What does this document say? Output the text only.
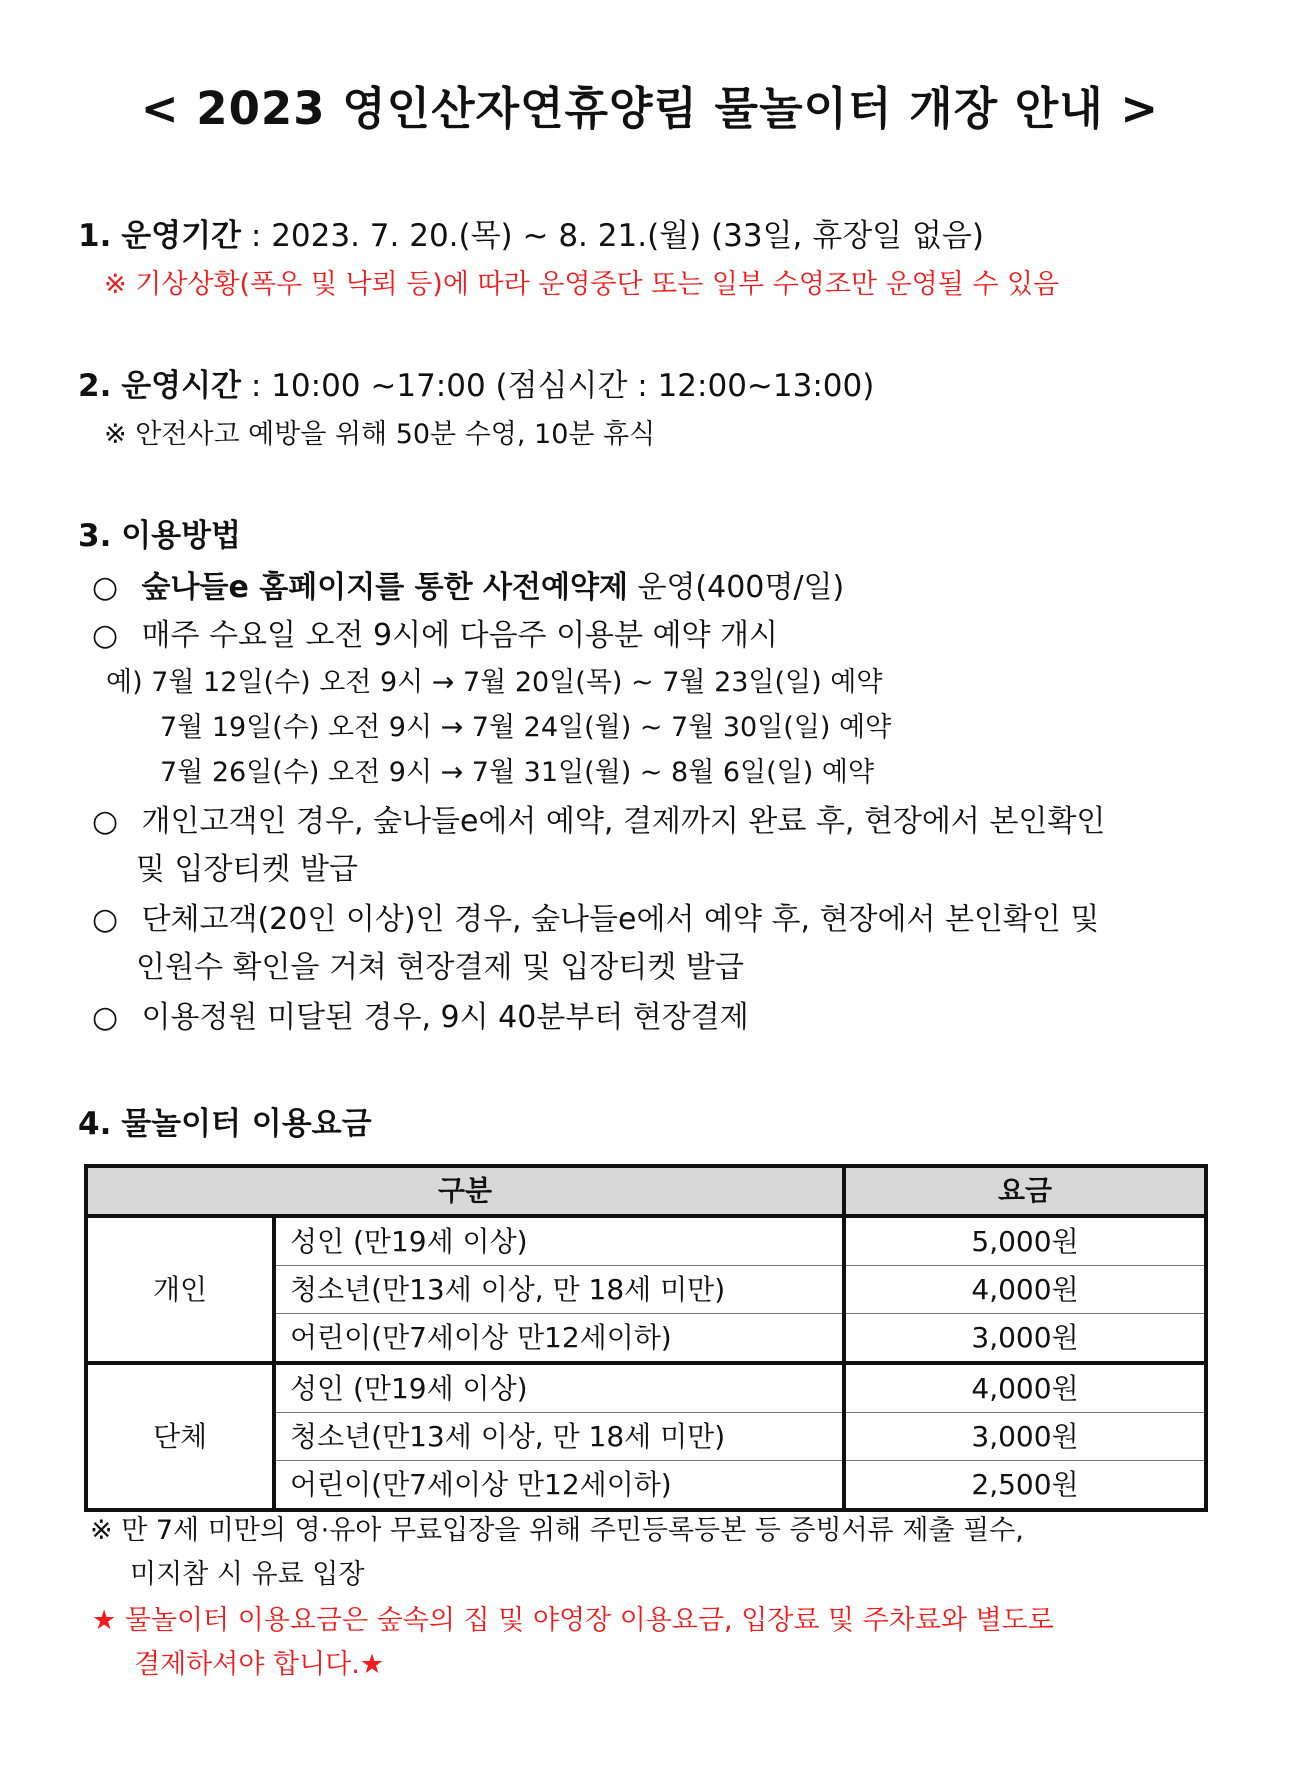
< 2023 영인산자연휴양림 물놀이터 개장 안내 >
1. 운영기간 : 2023. 7. 20.(목) ~ 8. 21.(월) (33일, 휴장일 없음)
※ 기상상황(폭우 및 낙뢰 등)에 따라 운영중단 또는 일부 수영조만 운영될 수 있음
2. 운영시간 : 10:00 ~17:00 (점심시간 : 12:00~13:00)
※ 안전사고 예방을 위해 50분 수영, 10분 휴식
3. 이용방법
○ 숲나들e 홈페이지를 통한 사전예약제 운영(400명/일)
○ 매주 수요일 오전 9시에 다음주 이용분 예약 개시
예) 7월 12일(수) 오전 9시 → 7월 20일(목) ~ 7월 23일(일) 예약
7월 19일(수) 오전 9시 → 7월 24일(월) ~ 7월 30일(일) 예약
7월 26일(수) 오전 9시 → 7월 31일(월) ~ 8월 6일(일) 예약
○ 개인고객인 경우, 숲나들e에서 예약, 결제까지 완료 후, 현장에서 본인확인
및 입장티켓 발급
○ 단체고객(20인 이상)인 경우, 숲나들e에서 예약 후, 현장에서 본인확인 및
인원수 확인을 거쳐 현장결제 및 입장티켓 발급
○ 이용정원 미달된 경우, 9시 40분부터 현장결제
4. 물놀이터 이용요금
구분		요금
개인	성인 (만19세 이상)	5,000원
	청소년(만13세 이상, 만 18세 미만)	4,000원
	어린이(만7세이상 만12세이하)	3,000원
단체	성인 (만19세 이상)	4,000원
	청소년(만13세 이상, 만 18세 미만)	3,000원
	어린이(만7세이상 만12세이하)	2,500원
※ 만 7세 미만의 영·유아 무료입장을 위해 주민등록등본 등 증빙서류 제출 필수,
미지참 시 유료 입장
★ 물놀이터 이용요금은 숲속의 집 및 야영장 이용요금, 입장료 및 주차료와 별도로
결제하셔야 합니다.★
